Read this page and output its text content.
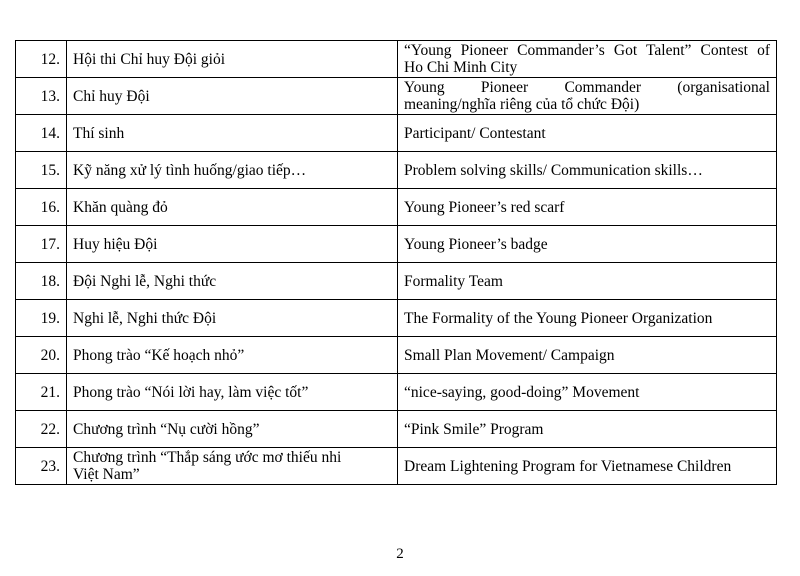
12.	Hội thi Chỉ huy Đội giỏi	“Young Pioneer Commander’s Got Talent” Contest of
Ho Chi Minh City

13.	Chỉ huy Đội	Young Pioneer Commander (organisational
meaning/nghĩa riêng của tổ chức Đội)

14.	Thí sinh	Participant/ Contestant
15.	Kỹ năng xử lý tình huống/giao tiếp…	Problem solving skills/ Communication skills…
16.	Khăn quàng đỏ	Young Pioneer’s red scarf
17.	Huy hiệu Đội	Young Pioneer’s badge
18.	Đội Nghi lễ, Nghi thức	Formality Team
19.	Nghi lễ, Nghi thức Đội	The Formality of the Young Pioneer Organization
20.	Phong trào “Kế hoạch nhỏ”	Small Plan Movement/ Campaign
21.	Phong trào “Nói lời hay, làm việc tốt”	“nice-saying, good-doing” Movement
22.	Chương trình “Nụ cười hồng”	“Pink Smile” Program
23.	Chương trình “Thắp sáng ước mơ thiếu nhi
Việt Nam”	Dream Lightening Program for Vietnamese Children
2
